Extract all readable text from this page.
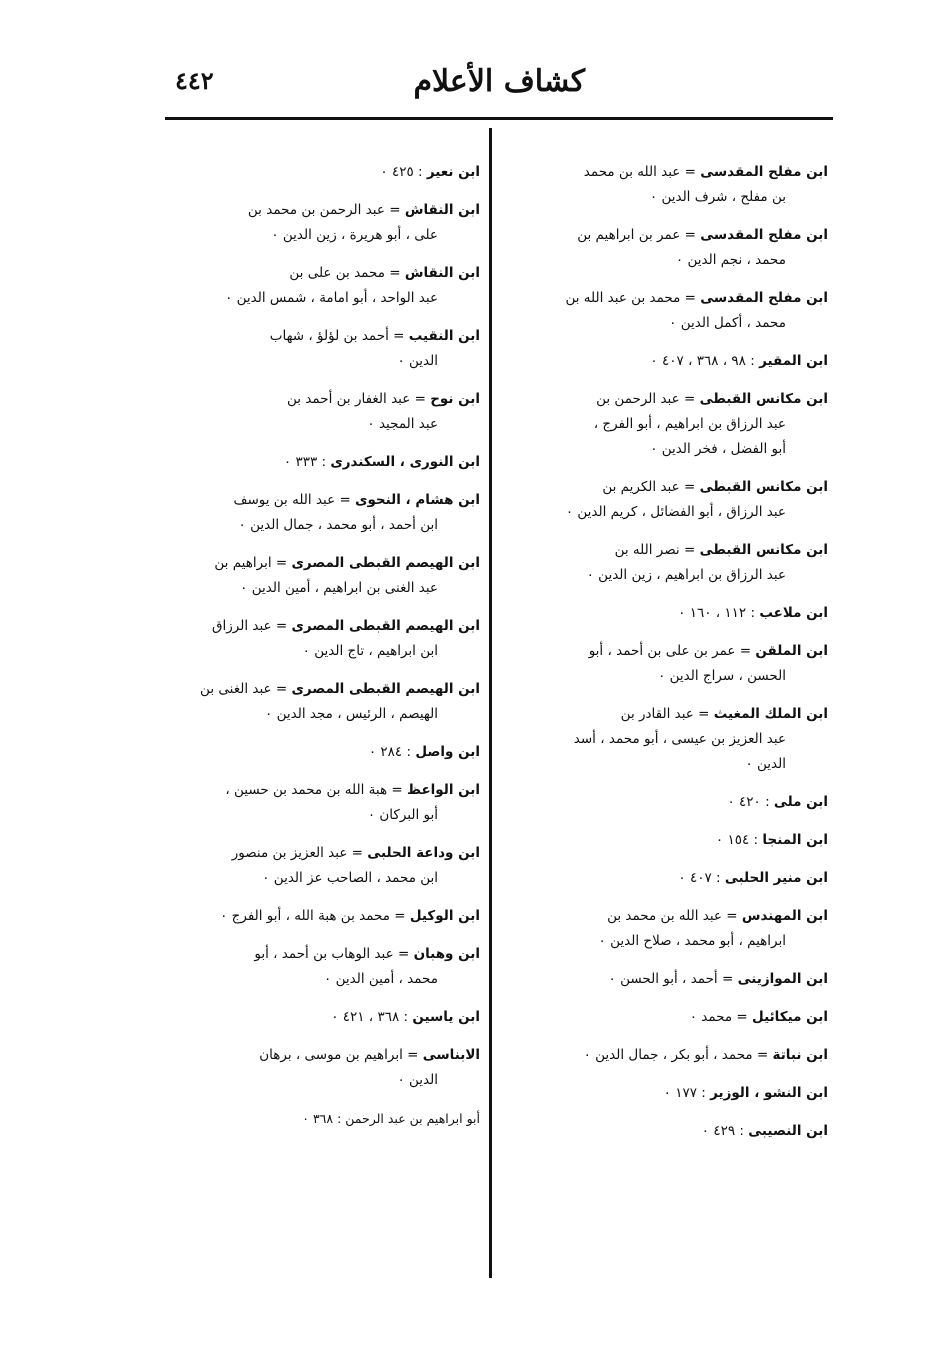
كشاف الأعلام
٤٤٢
ابن مفلح المقدسى = عبد الله بن محمد
بن مفلح ، شرف الدين ٠
ابن مفلح المقدسى = عمر بن ابراهيم بن
محمد ، نجم الدين ٠
ابن مفلح المقدسى = محمد بن عبد الله بن
محمد ، أكمل الدين ٠
ابن المقير : ٩٨ ، ٣٦٨ ، ٤٠٧ ٠
ابن مكانس القبطى = عبد الرحمن بن
عبد الرزاق بن ابراهيم ، أبو الفرج ،
أبو الفضل ، فخر الدين ٠
ابن مكانس القبطى = عبد الكريم بن
عبد الرزاق ، أبو الفضائل ، كريم الدين ٠
ابن مكانس القبطى = نصر الله بن
عبد الرزاق بن ابراهيم ، زين الدين ٠
ابن ملاعب : ١١٢ ، ١٦٠ ٠
ابن الملقن = عمر بن على بن أحمد ، أبو
الحسن ، سراج الدين ٠
ابن الملك المغيث = عبد القادر بن
عبد العزيز بن عيسى ، أبو محمد ، أسد
الدين ٠
ابن ملى : ٤٢٠ ٠
ابن المنجا : ١٥٤ ٠
ابن منير الحلبى : ٤٠٧ ٠
ابن المهندس = عبد الله بن محمد بن
ابراهيم ، أبو محمد ، صلاح الدين ٠
ابن الموازينى = أحمد ، أبو الحسن ٠
ابن ميكائيل = محمد ٠
ابن نباتة = محمد ، أبو بكر ، جمال الدين ٠
ابن النشو ، الوزير : ١٧٧ ٠
ابن النصيبى : ٤٢٩ ٠
ابن نعير : ٤٢٥ ٠
ابن النقاش = عبد الرحمن بن محمد بن
على ، أبو هريرة ، زين الدين ٠
ابن النقاش = محمد بن على بن
عبد الواحد ، أبو امامة ، شمس الدين ٠
ابن النقيب = أحمد بن لؤلؤ ، شهاب
الدين ٠
ابن نوح = عبد الغفار بن أحمد بن
عبد المجيد ٠
ابن النورى ، السكندرى : ٣٣٣ ٠
ابن هشام ، النحوى = عبد الله بن يوسف
ابن أحمد ، أبو محمد ، جمال الدين ٠
ابن الهيصم القبطى المصرى = ابراهيم بن
عبد الغنى بن ابراهيم ، أمين الدين ٠
ابن الهيصم القبطى المصرى = عبد الرزاق
ابن ابراهيم ، تاج الدين ٠
ابن الهيصم القبطى المصرى = عبد الغنى بن
الهيصم ، الرئيس ، مجد الدين ٠
ابن واصل : ٢٨٤ ٠
ابن الواعظ = هبة الله بن محمد بن حسين ،
أبو البركان ٠
ابن وداعة الحلبى = عبد العزيز بن منصور
ابن محمد ، الصاحب عز الدين ٠
ابن الوكيل = محمد بن هبة الله ، أبو الفرج ٠
ابن وهبان = عبد الوهاب بن أحمد ، أبو
محمد ، أمين الدين ٠
ابن ياسين : ٣٦٨ ، ٤٢١ ٠
الابناسى = ابراهيم بن موسى ، برهان
الدين ٠
أبو ابراهيم بن عبد الرحمن : ٣٦٨ ٠
